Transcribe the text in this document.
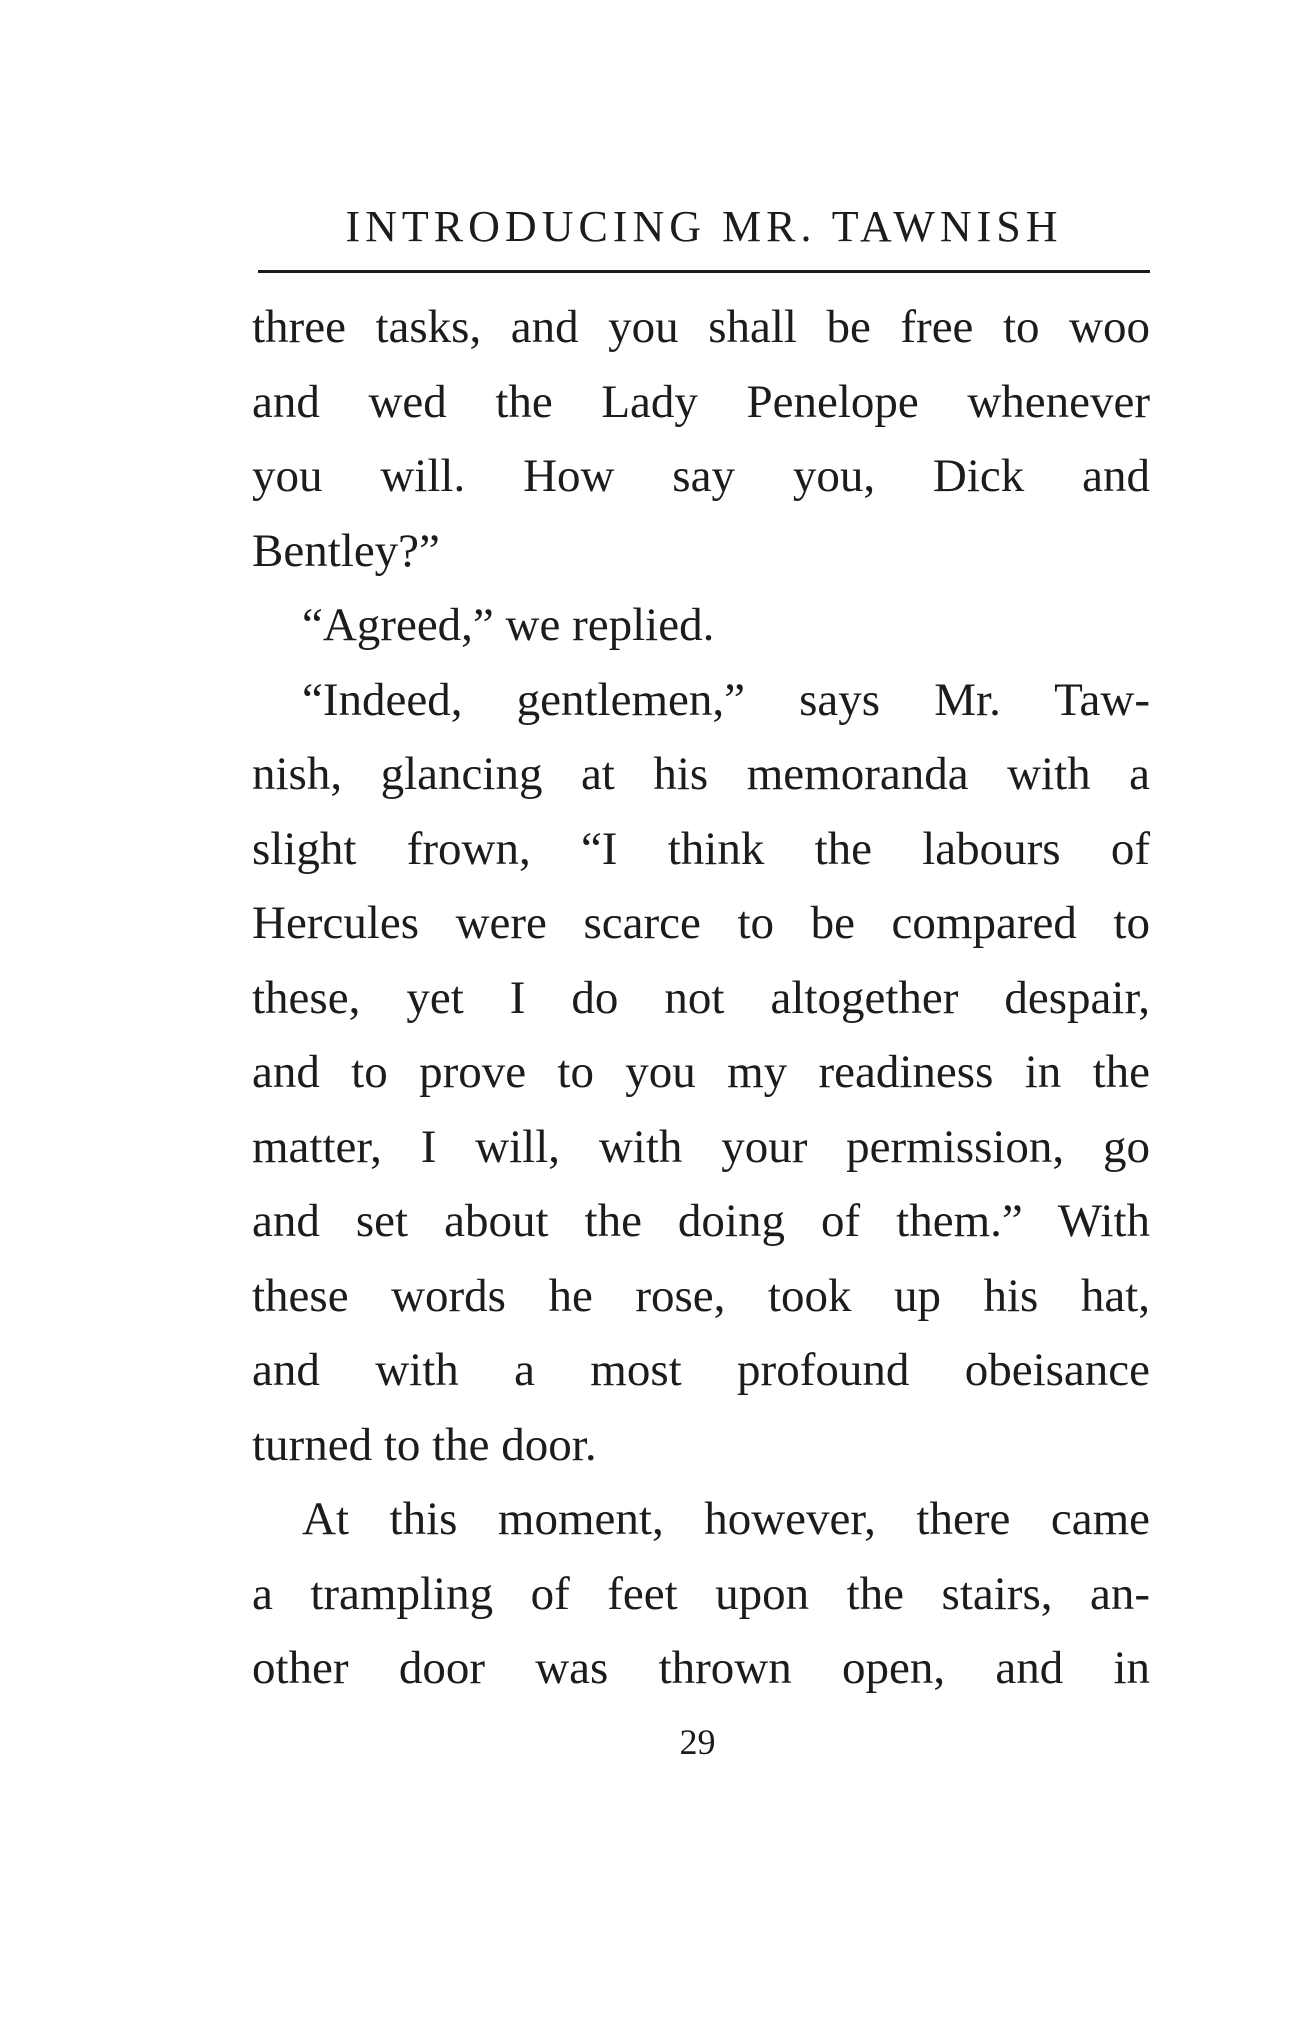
INTRODUCING MR. TAWNISH
three tasks, and you shall be free to woo
and wed the Lady Penelope whenever
you will. How say you, Dick and
Bentley?”
“Agreed,” we replied.
“Indeed, gentlemen,” says Mr. Taw-
nish, glancing at his memoranda with a
slight frown, “I think the labours of
Hercules were scarce to be compared to
these, yet I do not altogether despair,
and to prove to you my readiness in the
matter, I will, with your permission, go
and set about the doing of them.” With
these words he rose, took up his hat,
and with a most profound obeisance
turned to the door.
At this moment, however, there came
a trampling of feet upon the stairs, an-
other door was thrown open, and in
29
